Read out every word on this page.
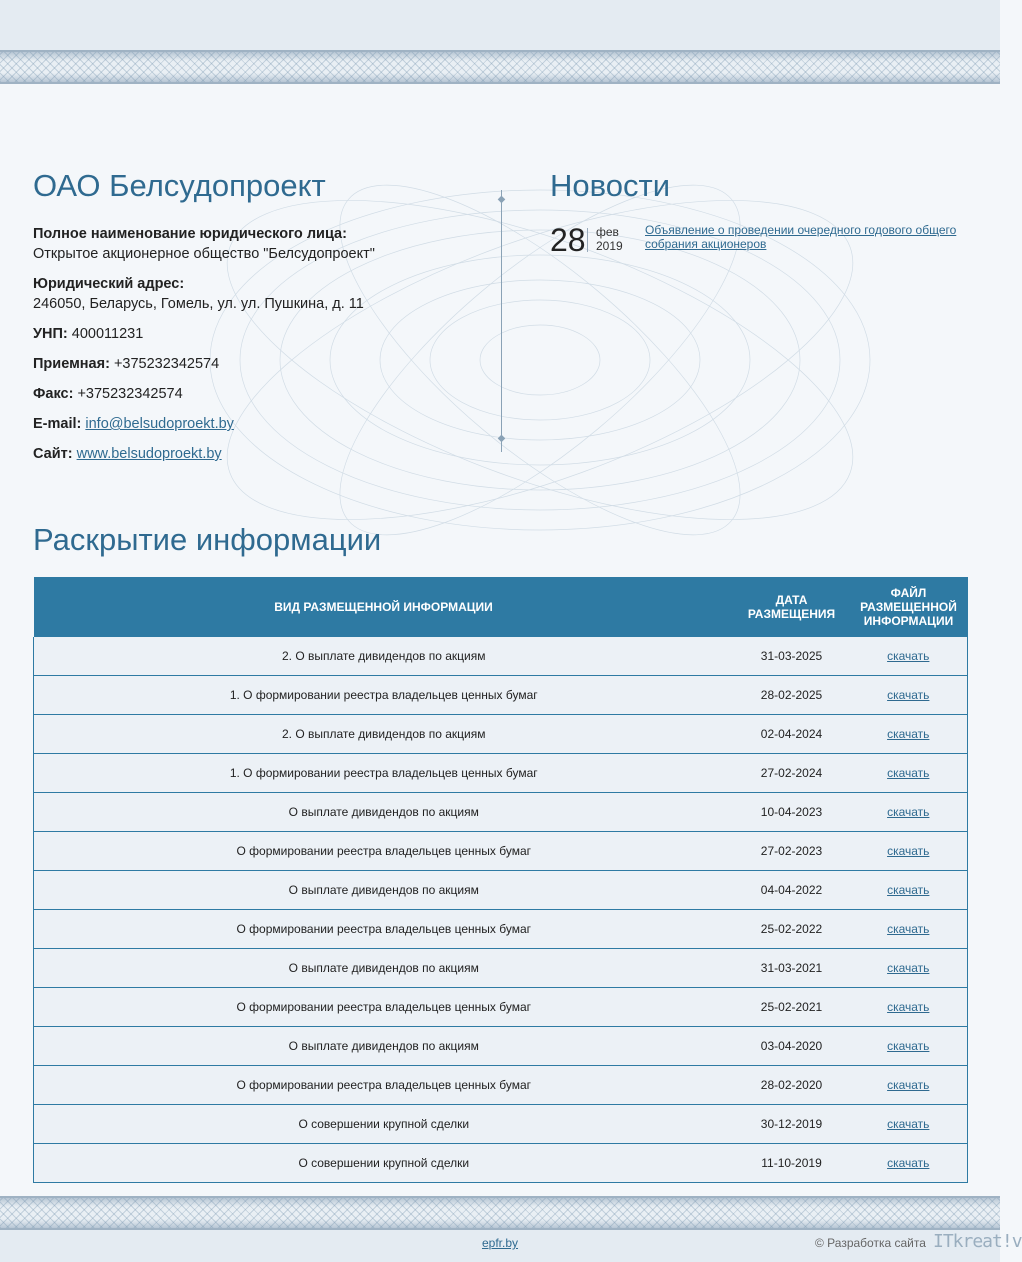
ОАО Белсудопроект
Полное наименование юридического лица:
Открытое акционерное общество "Белсудопроект"
Юридический адрес:
246050, Беларусь, Гомель, ул. ул. Пушкина, д. 11
УНП: 400011231
Приемная: +375232342574
Факс: +375232342574
E-mail: info@belsudoproekt.by
Сайт: www.belsudoproekt.by
◆
◆
Новости
28 фев
2019
Объявление о проведении очередного годового общего собрания акционеров
Раскрытие информации
ВИД РАЗМЕЩЕННОЙ ИНФОРМАЦИИ	ДАТА РАЗМЕЩЕНИЯ	ФАЙЛ РАЗМЕЩЕННОЙ ИНФОРМАЦИИ
2. О выплате дивидендов по акциям	31-03-2025	скачать
1. О формировании реестра владельцев ценных бумаг	28-02-2025	скачать
2. О выплате дивидендов по акциям	02-04-2024	скачать
1. О формировании реестра владельцев ценных бумаг	27-02-2024	скачать
О выплате дивидендов по акциям	10-04-2023	скачать
О формировании реестра владельцев ценных бумаг	27-02-2023	скачать
О выплате дивидендов по акциям	04-04-2022	скачать
О формировании реестра владельцев ценных бумаг	25-02-2022	скачать
О выплате дивидендов по акциям	31-03-2021	скачать
О формировании реестра владельцев ценных бумаг	25-02-2021	скачать
О выплате дивидендов по акциям	03-04-2020	скачать
О формировании реестра владельцев ценных бумаг	28-02-2020	скачать
О совершении крупной сделки	30-12-2019	скачать
О совершении крупной сделки	11-10-2019	скачать
epfr.by	© Разработка сайта ITkreat!v
